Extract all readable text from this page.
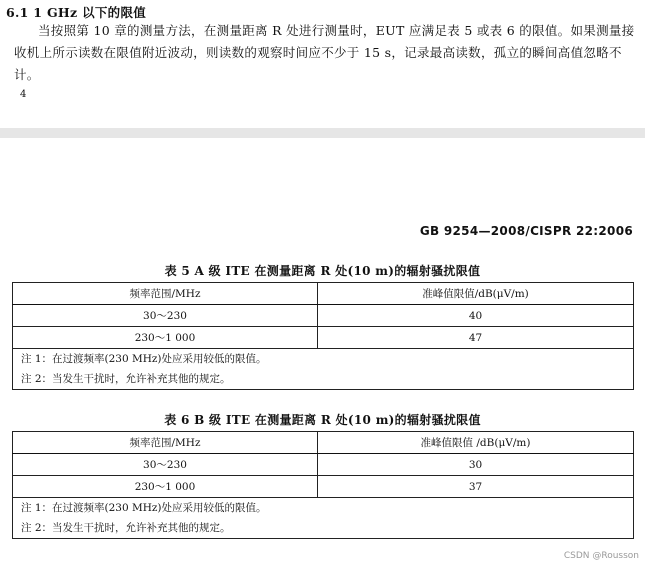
6.1 1 GHz 以下的限值
当按照第 10 章的测量方法，在测量距离 R 处进行测量时，EUT 应满足表 5 或表 6 的限值。如果测量接收机上所示读数在限值附近波动，则读数的观察时间应不少于 15 s，记录最高读数，孤立的瞬间高值忽略不计。
4
GB 9254—2008/CISPR 22:2006
表 5 A 级 ITE 在测量距离 R 处(10 m)的辐射骚扰限值
频率范围/MHz	准峰值限值/dB(μV/m)
30～230	40
230～1 000	47

注 1：在过渡频率(230 MHz)处应采用较低的限值。
注 2：当发生干扰时，允许补充其他的规定。	
表 6 B 级 ITE 在测量距离 R 处(10 m)的辐射骚扰限值
频率范围/MHz	准峰值限值 /dB(μV/m)
30～230	30
230～1 000	37

注 1：在过渡频率(230 MHz)处应采用较低的限值。
注 2：当发生干扰时，允许补充其他的规定。	
CSDN @Rousson
